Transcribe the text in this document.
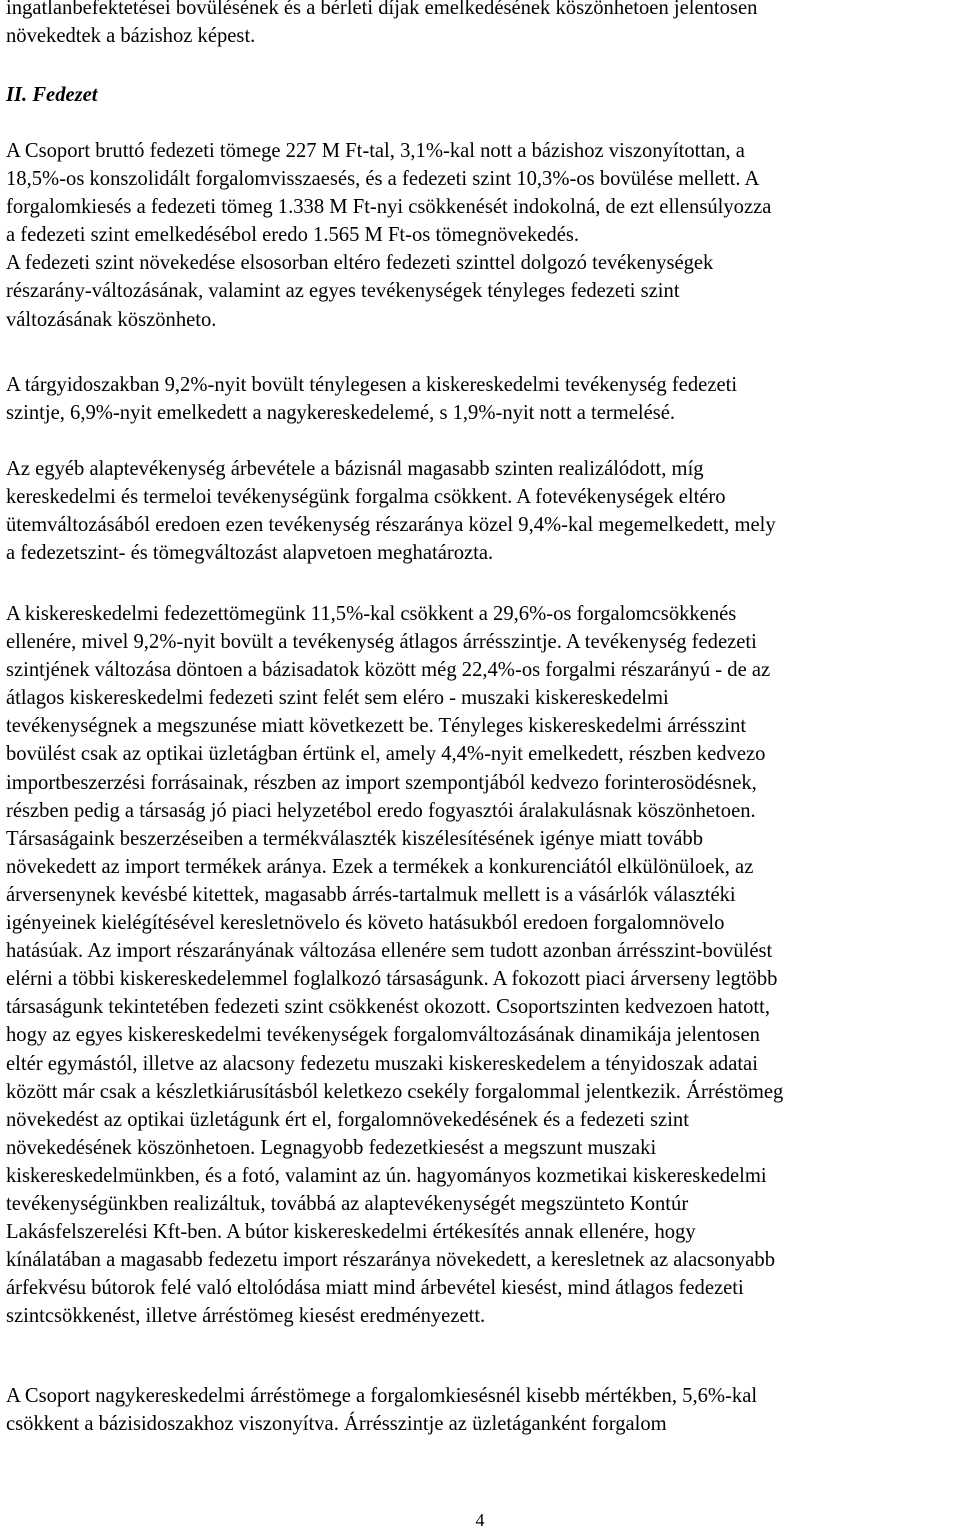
ingatlanbefektetései bovülésének és a bérleti díjak emelkedésének köszönhetoen jelentosen
növekedtek a bázishoz képest.

II. Fedezet

A Csoport bruttó fedezeti tömege 227 M Ft-tal, 3,1%-kal nott a bázishoz viszonyítottan, a
18,5%-os konszolidált forgalomvisszaesés, és a fedezeti szint 10,3%-os bovülése mellett. A
forgalomkiesés a fedezeti tömeg 1.338 M Ft-nyi csökkenését indokolná, de ezt ellensúlyozza
a fedezeti szint emelkedésébol eredo 1.565 M Ft-os tömegnövekedés.
A fedezeti szint növekedése elsosorban eltéro fedezeti szinttel dolgozó tevékenységek
részarány-változásának, valamint az egyes tevékenységek tényleges fedezeti szint
változásának köszönheto.

A tárgyidoszakban 9,2%-nyit bovült ténylegesen a kiskereskedelmi tevékenység fedezeti
szintje, 6,9%-nyit emelkedett a nagykereskedelemé, s 1,9%-nyit nott a termelésé.

Az egyéb alaptevékenység árbevétele a bázisnál magasabb szinten realizálódott, míg
kereskedelmi és termeloi tevékenységünk forgalma csökkent. A fotevékenységek eltéro
ütemváltozásából eredoen ezen tevékenység részaránya közel 9,4%-kal megemelkedett, mely
a fedezetszint- és tömegváltozást alapvetoen meghatározta.

A kiskereskedelmi fedezettömegünk 11,5%-kal csökkent a 29,6%-os forgalomcsökkenés
ellenére, mivel 9,2%-nyit bovült a tevékenység átlagos árrésszintje. A tevékenység fedezeti
szintjének változása döntoen a bázisadatok között még 22,4%-os forgalmi részarányú - de az
átlagos kiskereskedelmi fedezeti szint felét sem eléro - muszaki kiskereskedelmi
tevékenységnek a megszunése miatt következett be. Tényleges kiskereskedelmi árrésszint
bovülést csak az optikai üzletágban értünk el, amely 4,4%-nyit emelkedett, részben kedvezo
importbeszerzési forrásainak, részben az import szempontjából kedvezo forinterosödésnek,
részben pedig a társaság jó piaci helyzetébol eredo fogyasztói áralakulásnak köszönhetoen.
Társaságaink beszerzéseiben a termékválaszték kiszélesítésének igénye miatt tovább
növekedett az import termékek aránya. Ezek a termékek a konkurenciától elkülönüloek, az
árversenynek kevésbé kitettek, magasabb árrés-tartalmuk mellett is a vásárlók választéki
igényeinek kielégítésével keresletnövelo és követo hatásukból eredoen forgalomnövelo
hatásúak. Az import részarányának változása ellenére sem tudott azonban árrésszint-bovülést
elérni a többi kiskereskedelemmel foglalkozó társaságunk. A fokozott piaci árverseny legtöbb
társaságunk tekintetében fedezeti szint csökkenést okozott. Csoportszinten kedvezoen hatott,
hogy az egyes kiskereskedelmi tevékenységek forgalomváltozásának dinamikája jelentosen
eltér egymástól, illetve az alacsony fedezetu muszaki kiskereskedelem a tényidoszak adatai
között már csak a készletkiárusításból keletkezo csekély forgalommal jelentkezik. Árréstömeg
növekedést az optikai üzletágunk ért el, forgalomnövekedésének és a fedezeti szint
növekedésének köszönhetoen. Legnagyobb fedezetkiesést a megszunt muszaki
kiskereskedelmünkben, és a fotó, valamint az ún. hagyományos kozmetikai kiskereskedelmi
tevékenységünkben realizáltuk, továbbá az alaptevékenységét megszünteto Kontúr
Lakásfelszerelési Kft-ben. A bútor kiskereskedelmi értékesítés annak ellenére, hogy
kínálatában a magasabb fedezetu import részaránya növekedett, a keresletnek az alacsonyabb
árfekvésu bútorok felé való eltolódása miatt mind árbevétel kiesést, mind átlagos fedezeti
szintcsökkenést, illetve árréstömeg kiesést eredményezett.

A Csoport nagykereskedelmi árréstömege a forgalomkiesésnél kisebb mértékben, 5,6%-kal
csökkent a bázisidoszakhoz viszonyítva. Árrésszintje az üzletáganként forgalom

4
